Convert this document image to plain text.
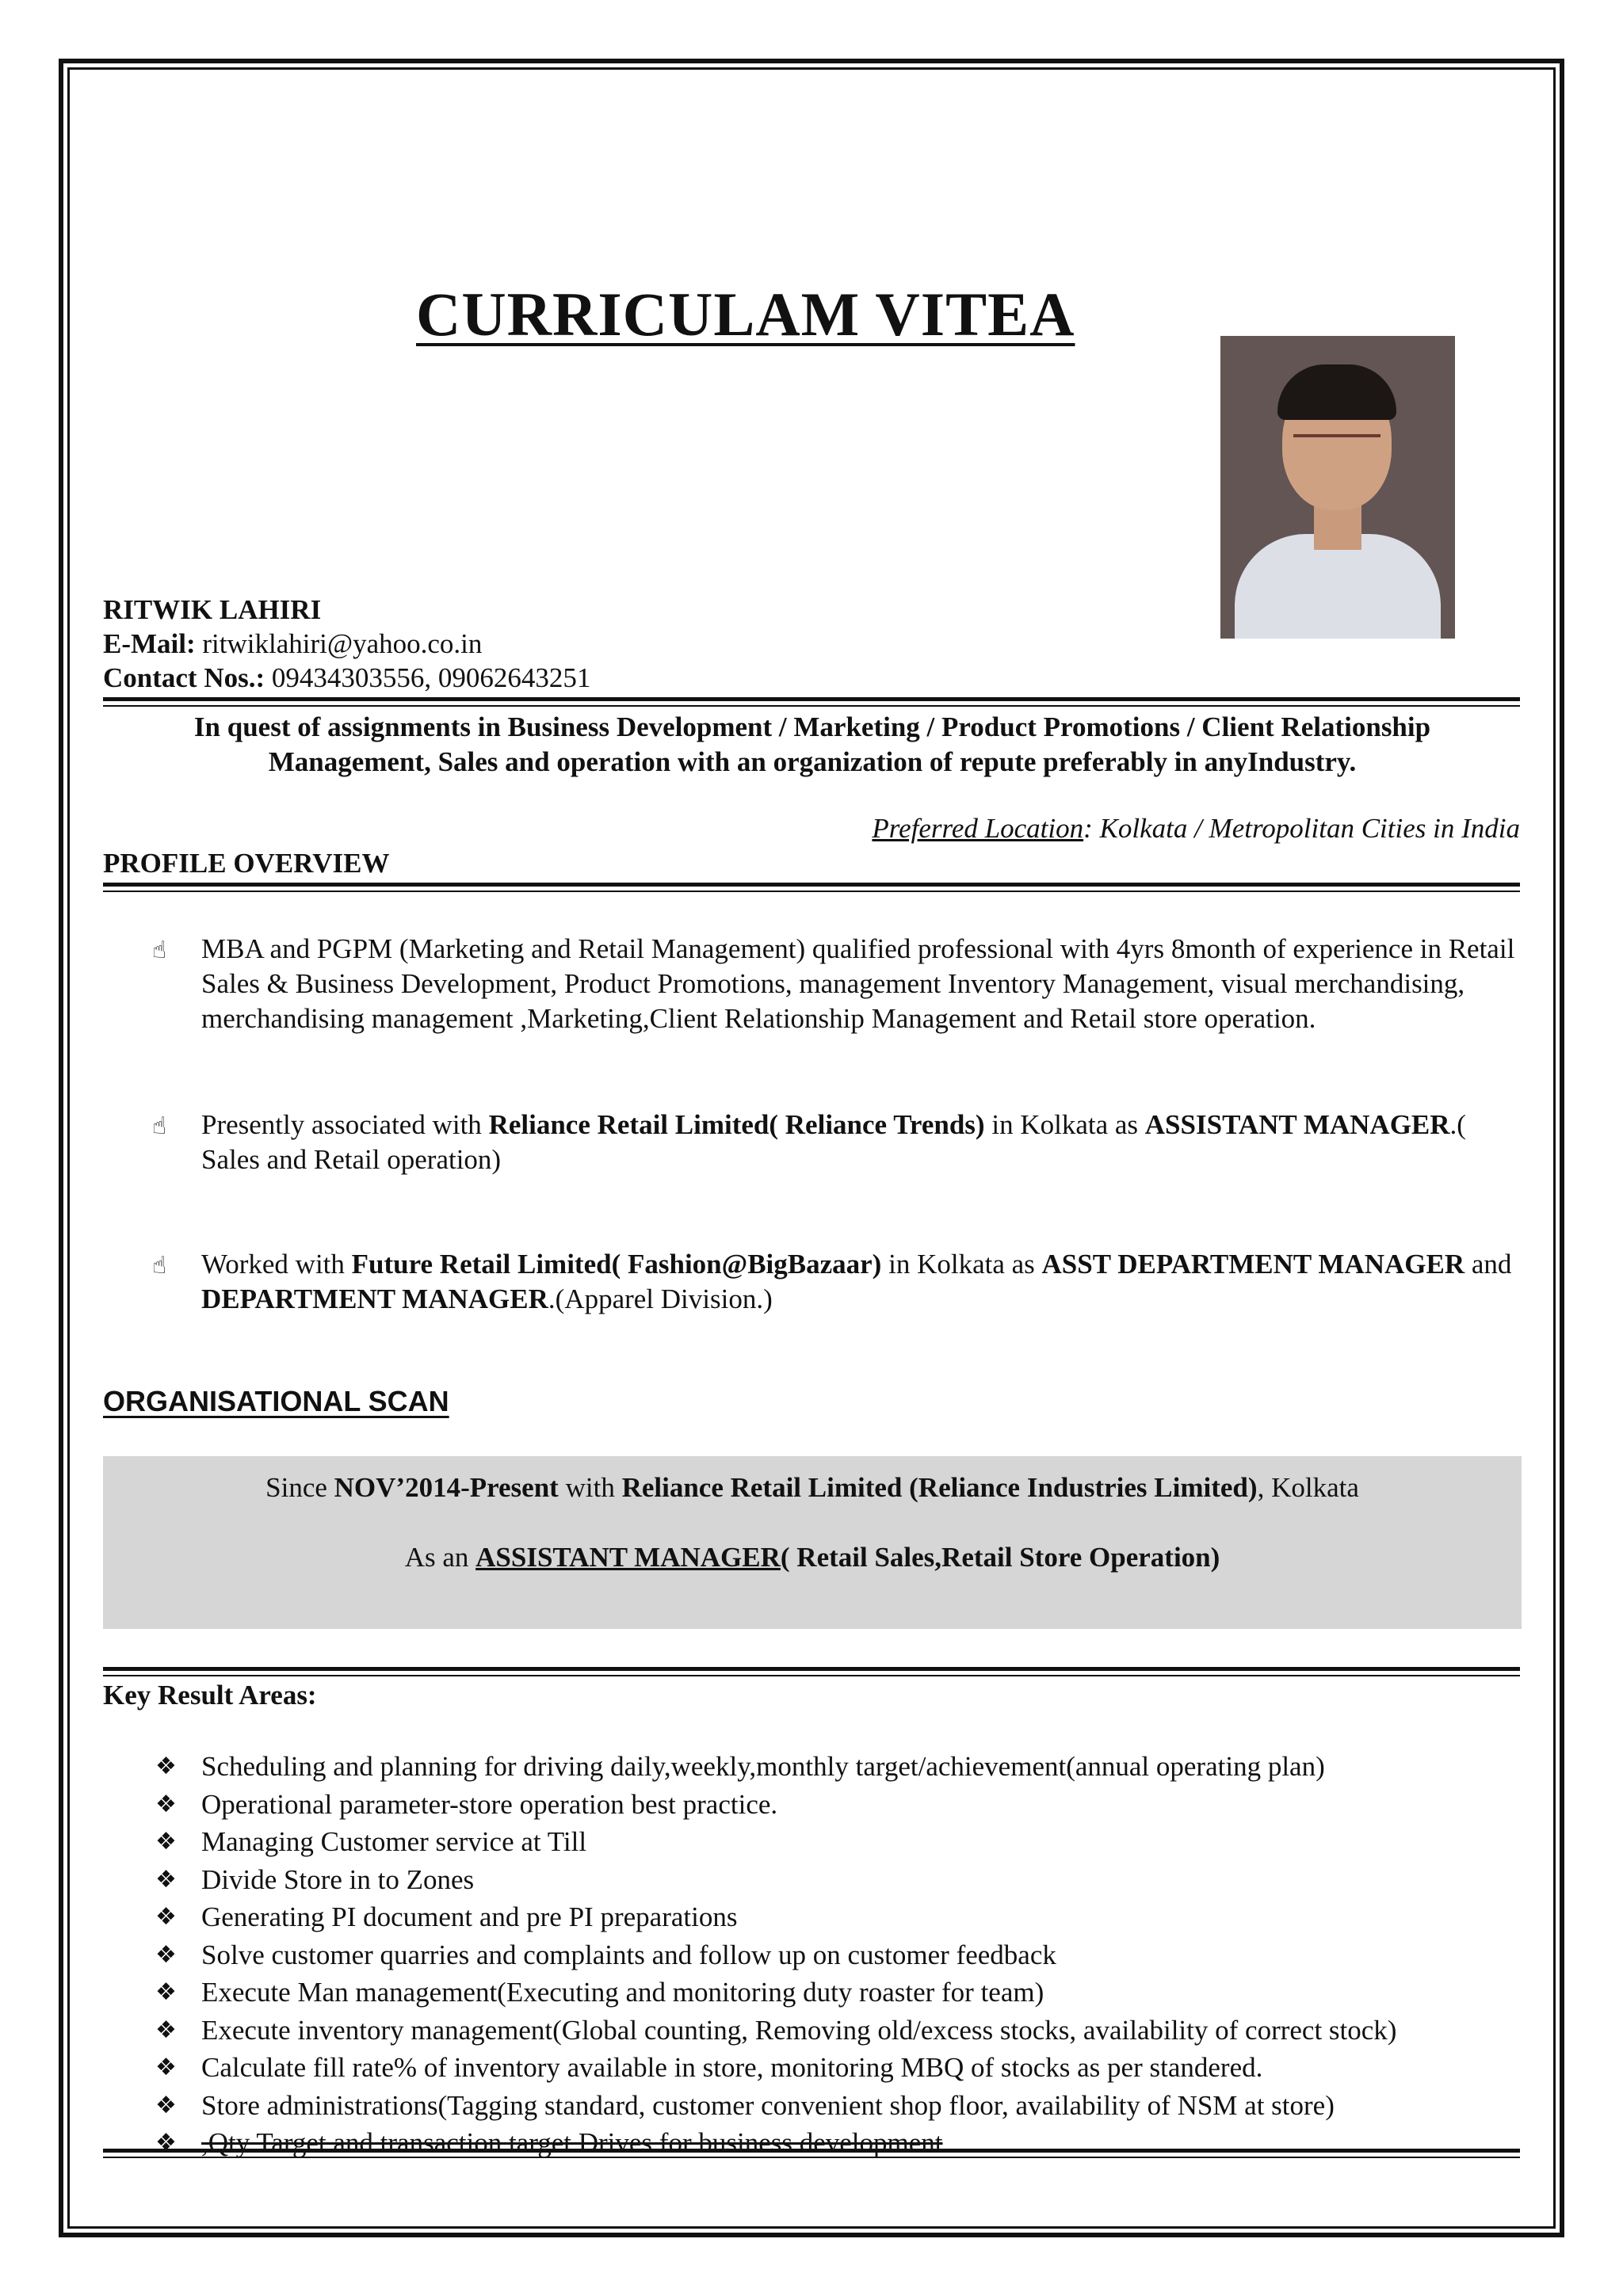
CURRICULAM VITEA
RITWIK LAHIRI
E-Mail: ritwiklahiri@yahoo.co.in
Contact Nos.: 09434303556, 09062643251
In quest of assignments in Business Development / Marketing / Product Promotions / Client Relationship Management, Sales and operation with an organization of repute preferably in anyIndustry.
Preferred Location: Kolkata / Metropolitan Cities in India
PROFILE OVERVIEW
☝ MBA and PGPM (Marketing and Retail Management) qualified professional with 4yrs 8month of experience in Retail Sales & Business Development, Product Promotions, management Inventory Management, visual merchandising, merchandising management ,Marketing,Client Relationship Management and Retail store operation.
☝ Presently associated with Reliance Retail Limited( Reliance Trends) in Kolkata as ASSISTANT MANAGER.( Sales and Retail operation)
☝ Worked with Future Retail Limited( Fashion@BigBazaar) in Kolkata as ASST DEPARTMENT MANAGER and DEPARTMENT MANAGER.(Apparel Division.)
ORGANISATIONAL SCAN
Since NOV’2014-Present with Reliance Retail Limited (Reliance Industries Limited), Kolkata
As an ASSISTANT MANAGER( Retail Sales,Retail Store Operation)
Key Result Areas:
❖ Scheduling and planning for driving daily,weekly,monthly target/achievement(annual operating plan)
❖ Operational parameter-store operation best practice.
❖ Managing Customer service at Till
❖ Divide Store in to Zones
❖ Generating PI document and pre PI preparations
❖ Solve customer quarries and complaints and follow up on customer feedback
❖ Execute Man management(Executing and monitoring duty roaster for team)
❖ Execute inventory management(Global counting, Removing old/excess stocks, availability of correct stock)
❖ Calculate fill rate% of inventory available in store, monitoring MBQ of stocks as per standered.
❖ Store administrations(Tagging standard, customer convenient shop floor, availability of NSM at store)
❖ ,Qty Target and transaction target Drives for business development
